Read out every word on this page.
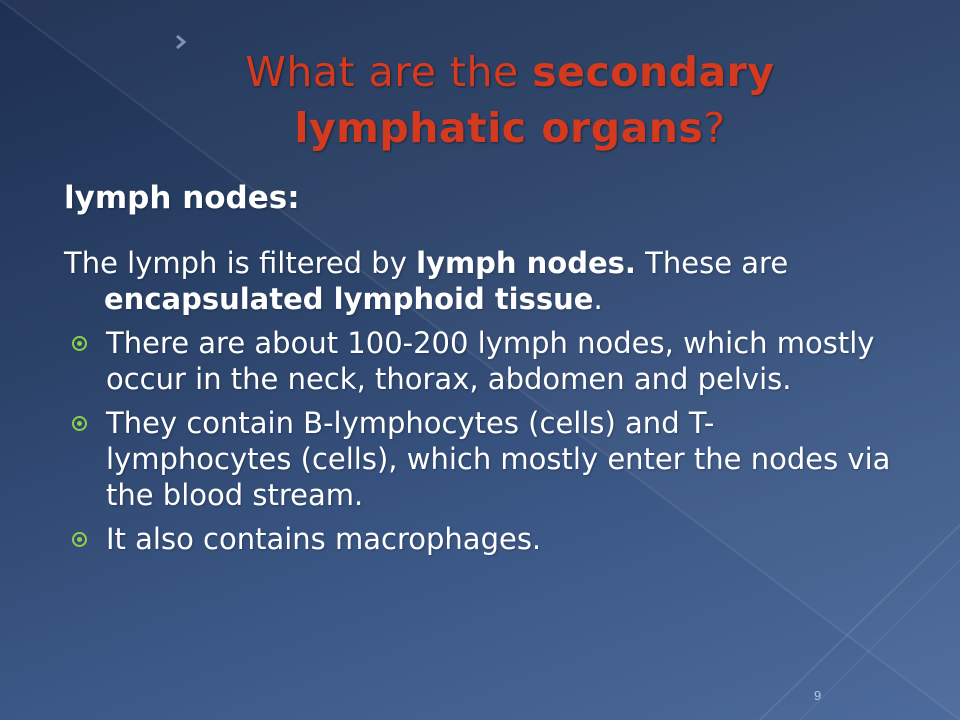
What are the secondary
lymphatic organs?
lymph nodes:

The lymph is filtered by lymph nodes. These are encapsulated lymphoid tissue.

There are about 100-200 lymph nodes, which mostly occur in the neck, thorax, abdomen and pelvis.
They contain B-lymphocytes (cells) and T-lymphocytes (cells), which mostly enter the nodes via the blood stream.
It also contains macrophages.
9
